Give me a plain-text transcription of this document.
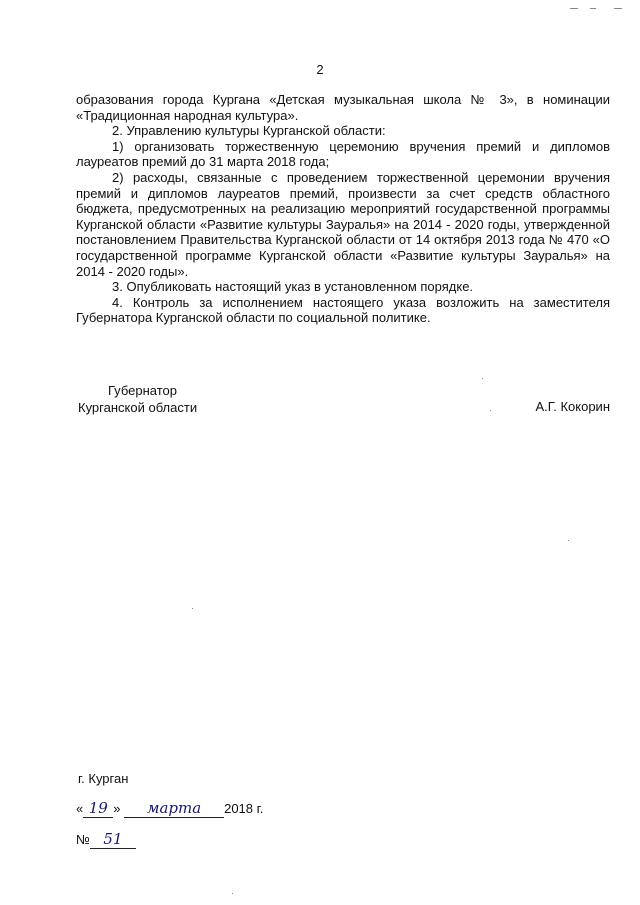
2

образования города Кургана «Детская музыкальная школа № 3», в номинации «Традиционная народная культура».

2. Управлению культуры Курганской области:

1) организовать торжественную церемонию вручения премий и дипломов лауреатов премий до 31 марта 2018 года;

2) расходы, связанные с проведением торжественной церемонии вручения премий и дипломов лауреатов премий, произвести за счет средств областного бюджета, предусмотренных на реализацию мероприятий государственной программы Курганской области «Развитие культуры Зауралья» на 2014 - 2020 годы, утвержденной постановлением Правительства Курганской области от 14 октября 2013 года № 470 «О государственной программе Курганской области «Развитие культуры Зауралья» на 2014 - 2020 годы».

3. Опубликовать настоящий указ в установленном порядке.

4. Контроль за исполнением настоящего указа возложить на заместителя Губернатора Курганской области по социальной политике.

Губернатор
Курганской области	А.Г. Кокорин
г. Курган
« 19 » марта 2018 г.
№ 51
